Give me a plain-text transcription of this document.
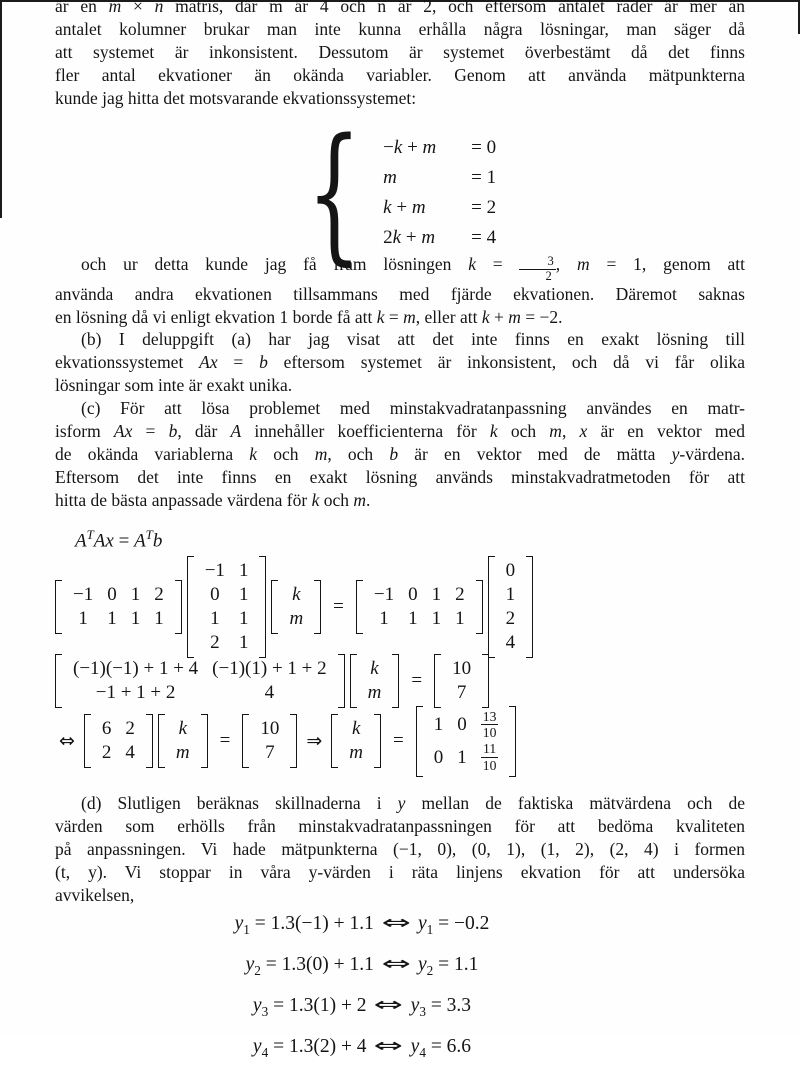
är en m × n matris, där m är 4 och n är 2, och eftersom antalet rader är mer än
antalet kolumner brukar man inte kunna erhålla några lösningar, man säger då
att systemet är inkonsistent. Dessutom är systemet överbestämt då det finns
fler antal ekvationer än okända variabler. Genom att använda mätpunkterna
kunde jag hitta det motsvarande ekvationssystemet:
{ −k + m	= 0
m	= 1
k + m	= 2
2k + m	= 4
och ur detta kunde jag få fram lösningen $k = \frac{3}{2}$ , m = 1, genom att
använda andra ekvationen tillsammans med fjärde ekvationen. Däremot saknas
en lösning då vi enligt ekvation 1 borde få att k = m, eller att k + m = −2.
(b) I deluppgift (a) har jag visat att det inte finns en exakt lösning till
ekvationssystemet Ax = b eftersom systemet är inkonsistent, och då vi får olika
lösningar som inte är exakt unika.
(c) För att lösa problemet med minstakvadratanpassning användes en matr-
isform Ax = b, där A innehåller koefficienterna för k och m, x är en vektor med
de okända variablerna k och m, och b är en vektor med de mätta y-värdena.
Eftersom det inte finns en exakt lösning används minstakvadratmetoden för att
hitta de bästa anpassade värdena för k och m.
$A^TAx = A^Tb$
−1	0	1	2
1	1	1	1
−1	1
0	1
1	1
2	1
k
m
=
−1	0	1	2
1	1	1	1
0
1
2
4
(−1)(−1) + 1 + 4	(−1)(1) + 1 + 2
−1 + 1 + 2	4
k
m
=
10
7
⇔
6	2
2	4
k
m
=
10
7
⇒
k
m
=
1	0	$\frac{13}{10}$

0	1	$\frac{11}{10}$
(d) Slutligen beräknas skillnaderna i y mellan de faktiska mätvärdena och de
värden som erhölls från minstakvadratanpassningen för att bedöma kvaliteten
på anpassningen. Vi hade mätpunkterna (−1, 0), (0, 1), (1, 2), (2, 4) i formen
(t, y). Vi stoppar in våra y-värden i räta linjens ekvation för att undersöka
avvikelsen,
$y_1 = 1.3(-1) + 1.1$ ⇔ $y_1 = -0.2$
$y_2 = 1.3(0) + 1.1$ ⇔ $y_2 = 1.1$
$y_3 = 1.3(1) + 2$ ⇔ $y_3 = 3.3$
$y_4 = 1.3(2) + 4$ ⇔ $y_4 = 6.6$
